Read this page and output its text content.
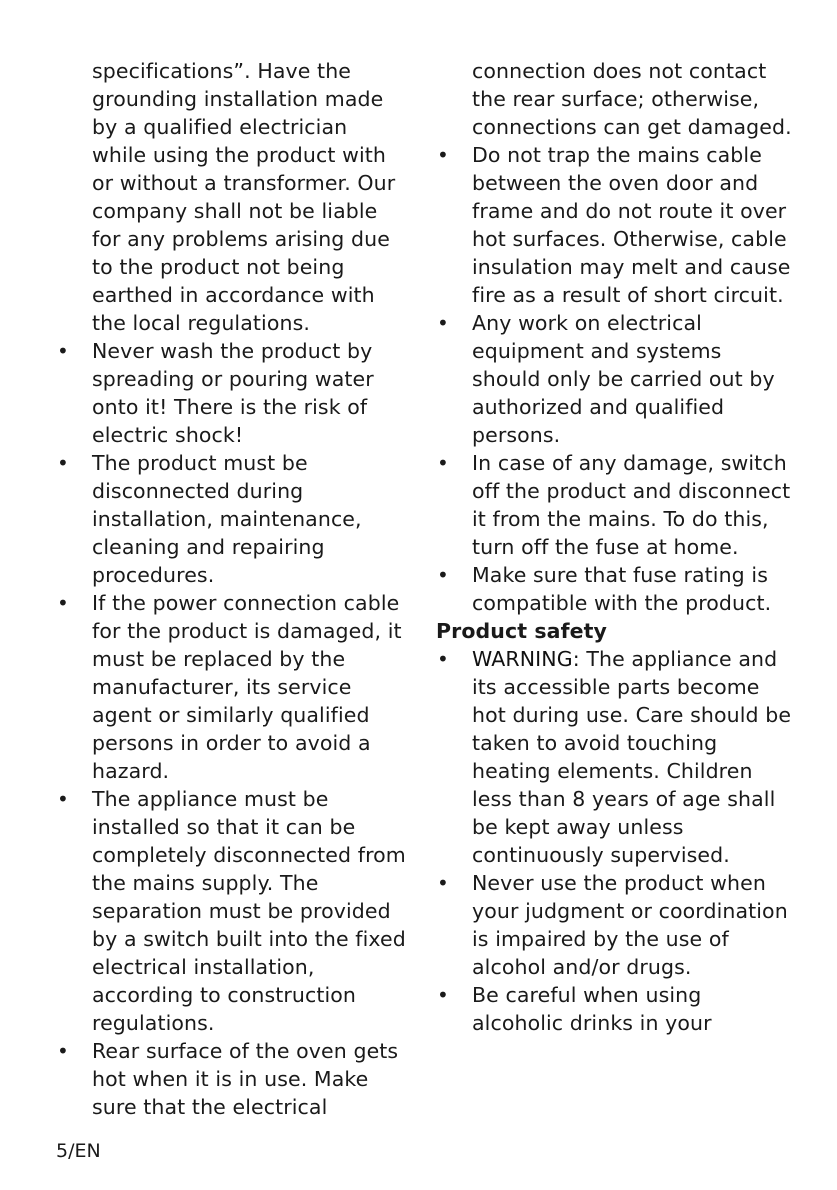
specifications”. Have the grounding installation made by a qualified electrician while using the product with or without a transformer. Our company shall not be liable for any problems arising due to the product not being earthed in accordance with the local regulations.

•
Never wash the product by spreading or pouring water onto it! There is the risk of electric shock!
•
The product must be disconnected during installation, maintenance, cleaning and repairing procedures.
•
If the power connection cable for the product is damaged, it must be replaced by the manufacturer, its service agent or similarly qualified persons in order to avoid a hazard.
•
The appliance must be installed so that it can be completely disconnected from the mains supply. The separation must be provided by a switch built into the fixed electrical installation, according to construction regulations.
•
Rear surface of the oven gets hot when it is in use. Make sure that the electrical

connection does not contact the rear surface; otherwise, connections can get damaged.

•
Do not trap the mains cable between the oven door and frame and do not route it over hot surfaces. Otherwise, cable insulation may melt and cause fire as a result of short circuit.
•
Any work on electrical equipment and systems should only be carried out by authorized and qualified persons.
•
In case of any damage, switch off the product and disconnect it from the mains. To do this, turn off the fuse at home.
•
Make sure that fuse rating is compatible with the product.
Product safety
•
WARNING: The appliance and its accessible parts become hot during use. Care should be taken to avoid touching heating elements. Children less than 8 years of age shall be kept away unless continuously supervised.
•
Never use the product when your judgment or coordination is impaired by the use of alcohol and/or drugs.
•
Be careful when using alcoholic drinks in your
5/EN
